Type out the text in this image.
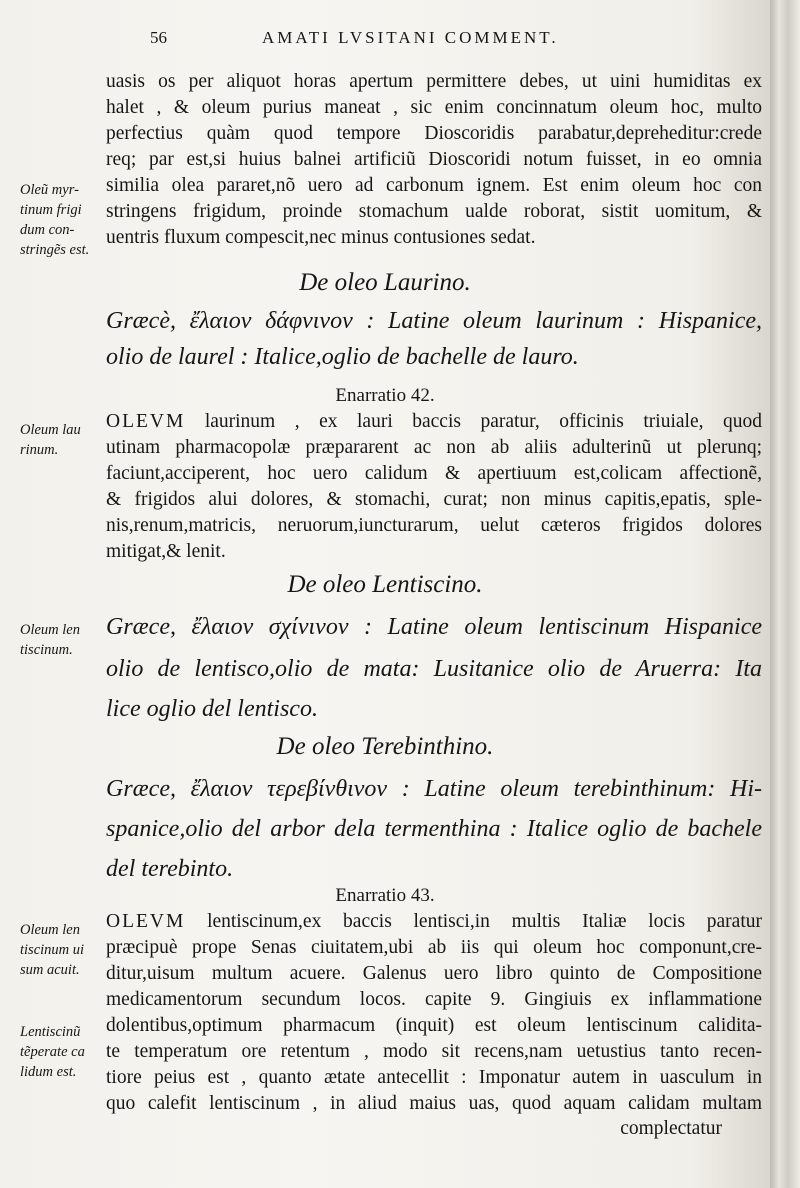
56	AMATI LVSITANI COMMENT.
uasis os per aliquot horas apertum permittere debes, ut uini humiditas ex
halet , & oleum purius maneat , sic enim concinnatum oleum hoc, multo
perfectius quàm quod tempore Dioscoridis parabatur,depreheditur:crede
req; par est,si huius balnei artificiũ Dioscoridi notum fuisset, in eo omnia
similia olea pararet,nõ uero ad carbonum ignem. Est enim oleum hoc con
stringens frigidum, proinde stomachum ualde roborat, sistit uomitum, &
uentris fluxum compescit,nec minus contusiones sedat.
Oleũ myr-
tinum frigi
dum con-
stringẽs est.
De oleo Laurino.
Græcè, ἔλαιον δάφνινον : Latine oleum laurinum : Hispanice,
olio de laurel : Italice,oglio de bachelle de lauro.
Enarratio 42.
OLEVM laurinum , ex lauri baccis paratur, officinis triuiale, quod
utinam pharmacopolæ præpararent ac non ab aliis adulterinũ ut plerunq;
faciunt,acciperent, hoc uero calidum & apertiuum est,colicam affectionẽ,
& frigidos alui dolores, & stomachi, curat; non minus capitis,epatis, sple-
nis,renum,matricis, neruorum,iuncturarum, uelut cæteros frigidos dolores
mitigat,& lenit.
Oleum lau
rinum.
De oleo Lentiscino.
Græce, ἔλαιον σχίνινον : Latine oleum lentiscinum Hispanice
olio de lentisco,olio de mata: Lusitanice olio de Aruerra: Ita
lice oglio del lentisco.
Oleum len
tiscinum.
De oleo Terebinthino.
Græce, ἔλαιον τερεβίνθινον : Latine oleum terebinthinum: Hi-
spanice,olio del arbor dela termenthina : Italice oglio de bachele
del terebinto.
Enarratio 43.
OLEVM lentiscinum,ex baccis lentisci,in multis Italiæ locis paratur
præcipuè prope Senas ciuitatem,ubi ab iis qui oleum hoc componunt,cre-
ditur,uisum multum acuere. Galenus uero libro quinto de Compositione
medicamentorum secundum locos. capite 9. Gingiuis ex inflammatione
dolentibus,optimum pharmacum (inquit) est oleum lentiscinum calidita-
te temperatum ore retentum , modo sit recens,nam uetustius tanto recen-
tiore peius est , quanto ætate antecellit : Imponatur autem in uasculum in
quo calefit lentiscinum , in aliud maius uas, quod aquam calidam multam
complectatur
Oleum len
tiscinum ui
sum acuit.
Lentiscinũ
tẽperate ca
lidum est.
